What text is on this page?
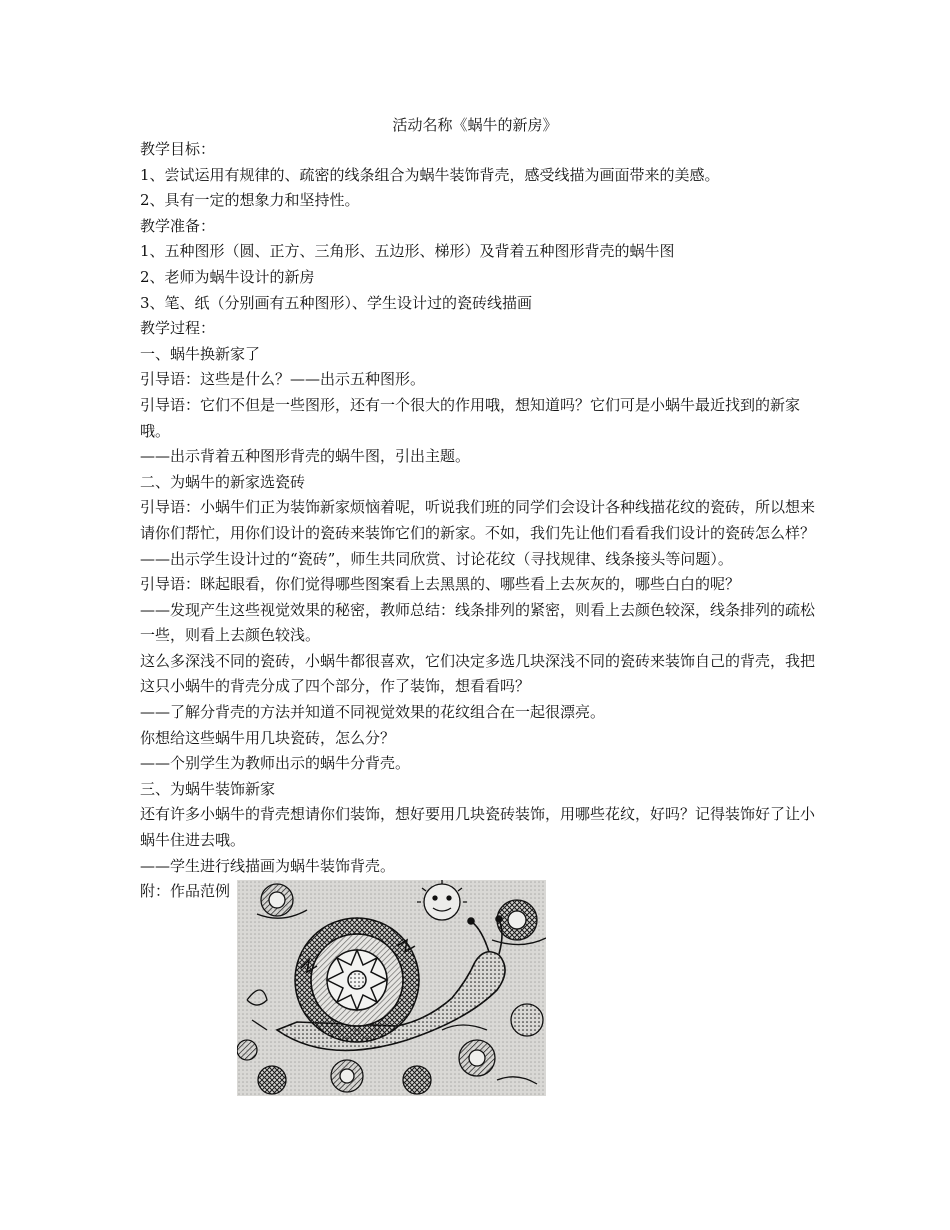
活动名称《蜗牛的新房》

教学目标：

1、尝试运用有规律的、疏密的线条组合为蜗牛装饰背壳，感受线描为画面带来的美感。

2、具有一定的想象力和坚持性。

教学准备：

1、五种图形（圆、正方、三角形、五边形、梯形）及背着五种图形背壳的蜗牛图

2、老师为蜗牛设计的新房

3、笔、纸（分别画有五种图形）、学生设计过的瓷砖线描画

教学过程：

一、蜗牛换新家了

引导语：这些是什么？——出示五种图形。

引导语：它们不但是一些图形，还有一个很大的作用哦，想知道吗？它们可是小蜗牛最近找到的新家哦。

——出示背着五种图形背壳的蜗牛图，引出主题。

二、为蜗牛的新家选瓷砖

引导语：小蜗牛们正为装饰新家烦恼着呢，听说我们班的同学们会设计各种线描花纹的瓷砖，所以想来请你们帮忙，用你们设计的瓷砖来装饰它们的新家。不如，我们先让他们看看我们设计的瓷砖怎么样？

——出示学生设计过的“瓷砖”，师生共同欣赏、讨论花纹（寻找规律、线条接头等问题）。

引导语：眯起眼看，你们觉得哪些图案看上去黑黑的、哪些看上去灰灰的，哪些白白的呢？

——发现产生这些视觉效果的秘密，教师总结：线条排列的紧密，则看上去颜色较深，线条排列的疏松一些，则看上去颜色较浅。

这么多深浅不同的瓷砖，小蜗牛都很喜欢，它们决定多选几块深浅不同的瓷砖来装饰自己的背壳，我把这只小蜗牛的背壳分成了四个部分，作了装饰，想看看吗？

——了解分背壳的方法并知道不同视觉效果的花纹组合在一起很漂亮。

你想给这些蜗牛用几块瓷砖，怎么分？

——个别学生为教师出示的蜗牛分背壳。

三、为蜗牛装饰新家

还有许多小蜗牛的背壳想请你们装饰，想好要用几块瓷砖装饰，用哪些花纹，好吗？记得装饰好了让小蜗牛住进去哦。

——学生进行线描画为蜗牛装饰背壳。

附：作品范例
